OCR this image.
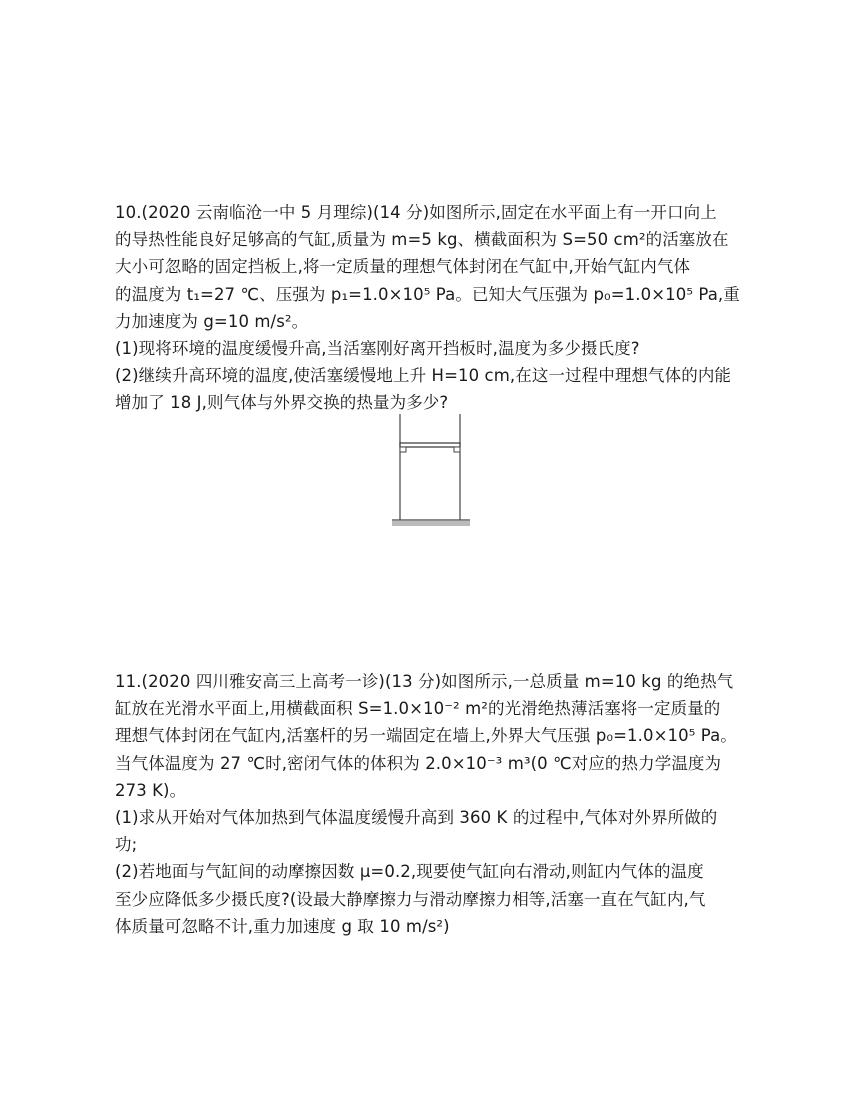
10.(2020 云南临沧一中 5 月理综)(14 分)如图所示,固定在水平面上有一开口向上
的导热性能良好足够高的气缸,质量为 m=5 kg、横截面积为 S=50 cm²的活塞放在
大小可忽略的固定挡板上,将一定质量的理想气体封闭在气缸中,开始气缸内气体
的温度为 t₁=27 ℃、压强为 p₁=1.0×10⁵ Pa。已知大气压强为 p₀=1.0×10⁵ Pa,重
力加速度为 g=10 m/s²。
(1)现将环境的温度缓慢升高,当活塞刚好离开挡板时,温度为多少摄氏度?
(2)继续升高环境的温度,使活塞缓慢地上升 H=10 cm,在这一过程中理想气体的内能
增加了 18 J,则气体与外界交换的热量为多少?
11.(2020 四川雅安高三上高考一诊)(13 分)如图所示,一总质量 m=10 kg 的绝热气
缸放在光滑水平面上,用横截面积 S=1.0×10⁻² m²的光滑绝热薄活塞将一定质量的
理想气体封闭在气缸内,活塞杆的另一端固定在墙上,外界大气压强 p₀=1.0×10⁵ Pa。
当气体温度为 27 ℃时,密闭气体的体积为 2.0×10⁻³ m³(0 ℃对应的热力学温度为
273 K)。
(1)求从开始对气体加热到气体温度缓慢升高到 360 K 的过程中,气体对外界所做的
功;
(2)若地面与气缸间的动摩擦因数 μ=0.2,现要使气缸向右滑动,则缸内气体的温度
至少应降低多少摄氏度?(设最大静摩擦力与滑动摩擦力相等,活塞一直在气缸内,气
体质量可忽略不计,重力加速度 g 取 10 m/s²)
